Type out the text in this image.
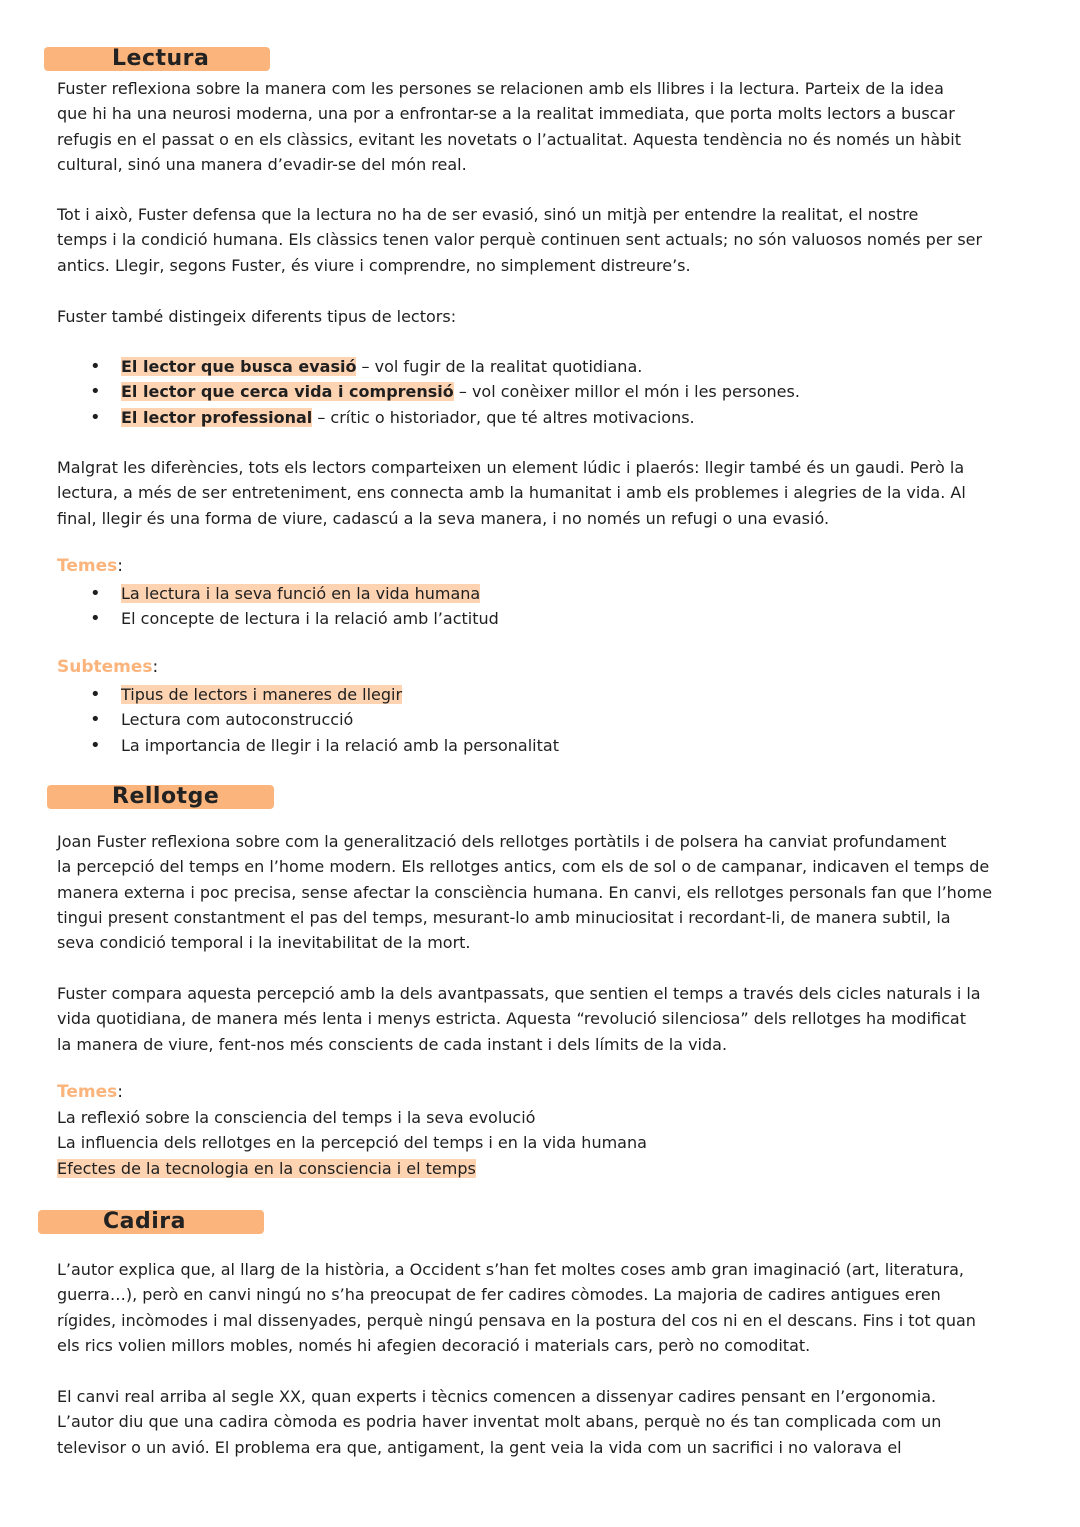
Lectura
Fuster reflexiona sobre la manera com les persones se relacionen amb els llibres i la lectura. Parteix de la idea
que hi ha una neurosi moderna, una por a enfrontar-se a la realitat immediata, que porta molts lectors a buscar
refugis en el passat o en els clàssics, evitant les novetats o l’actualitat. Aquesta tendència no és només un hàbit
cultural, sinó una manera d’evadir-se del món real.
Tot i això, Fuster defensa que la lectura no ha de ser evasió, sinó un mitjà per entendre la realitat, el nostre
temps i la condició humana. Els clàssics tenen valor perquè continuen sent actuals; no són valuosos només per ser
antics. Llegir, segons Fuster, és viure i comprendre, no simplement distreure’s.
Fuster també distingeix diferents tipus de lectors:
• El lector que busca evasió – vol fugir de la realitat quotidiana.
• El lector que cerca vida i comprensió – vol conèixer millor el món i les persones.
• El lector professional – crític o historiador, que té altres motivacions.
Malgrat les diferències, tots els lectors comparteixen un element lúdic i plaerós: llegir també és un gaudi. Però la
lectura, a més de ser entreteniment, ens connecta amb la humanitat i amb els problemes i alegries de la vida. Al
final, llegir és una forma de viure, cadascú a la seva manera, i no només un refugi o una evasió.
Temes:
• La lectura i la seva funció en la vida humana
• El concepte de lectura i la relació amb l’actitud
Subtemes:
• Tipus de lectors i maneres de llegir
• Lectura com autoconstrucció
• La importancia de llegir i la relació amb la personalitat
Rellotge
Joan Fuster reflexiona sobre com la generalització dels rellotges portàtils i de polsera ha canviat profundament
la percepció del temps en l’home modern. Els rellotges antics, com els de sol o de campanar, indicaven el temps de
manera externa i poc precisa, sense afectar la consciència humana. En canvi, els rellotges personals fan que l’home
tingui present constantment el pas del temps, mesurant-lo amb minuciositat i recordant-li, de manera subtil, la
seva condició temporal i la inevitabilitat de la mort.
Fuster compara aquesta percepció amb la dels avantpassats, que sentien el temps a través dels cicles naturals i la
vida quotidiana, de manera més lenta i menys estricta. Aquesta “revolució silenciosa” dels rellotges ha modificat
la manera de viure, fent-nos més conscients de cada instant i dels límits de la vida.
Temes:
La reflexió sobre la consciencia del temps i la seva evolució
La influencia dels rellotges en la percepció del temps i en la vida humana
Efectes de la tecnologia en la consciencia i el temps
Cadira
L’autor explica que, al llarg de la història, a Occident s’han fet moltes coses amb gran imaginació (art, literatura,
guerra…), però en canvi ningú no s’ha preocupat de fer cadires còmodes. La majoria de cadires antigues eren
rígides, incòmodes i mal dissenyades, perquè ningú pensava en la postura del cos ni en el descans. Fins i tot quan
els rics volien millors mobles, només hi afegien decoració i materials cars, però no comoditat.
El canvi real arriba al segle XX, quan experts i tècnics comencen a dissenyar cadires pensant en l’ergonomia.
L’autor diu que una cadira còmoda es podria haver inventat molt abans, perquè no és tan complicada com un
televisor o un avió. El problema era que, antigament, la gent veia la vida com un sacrifici i no valorava el
